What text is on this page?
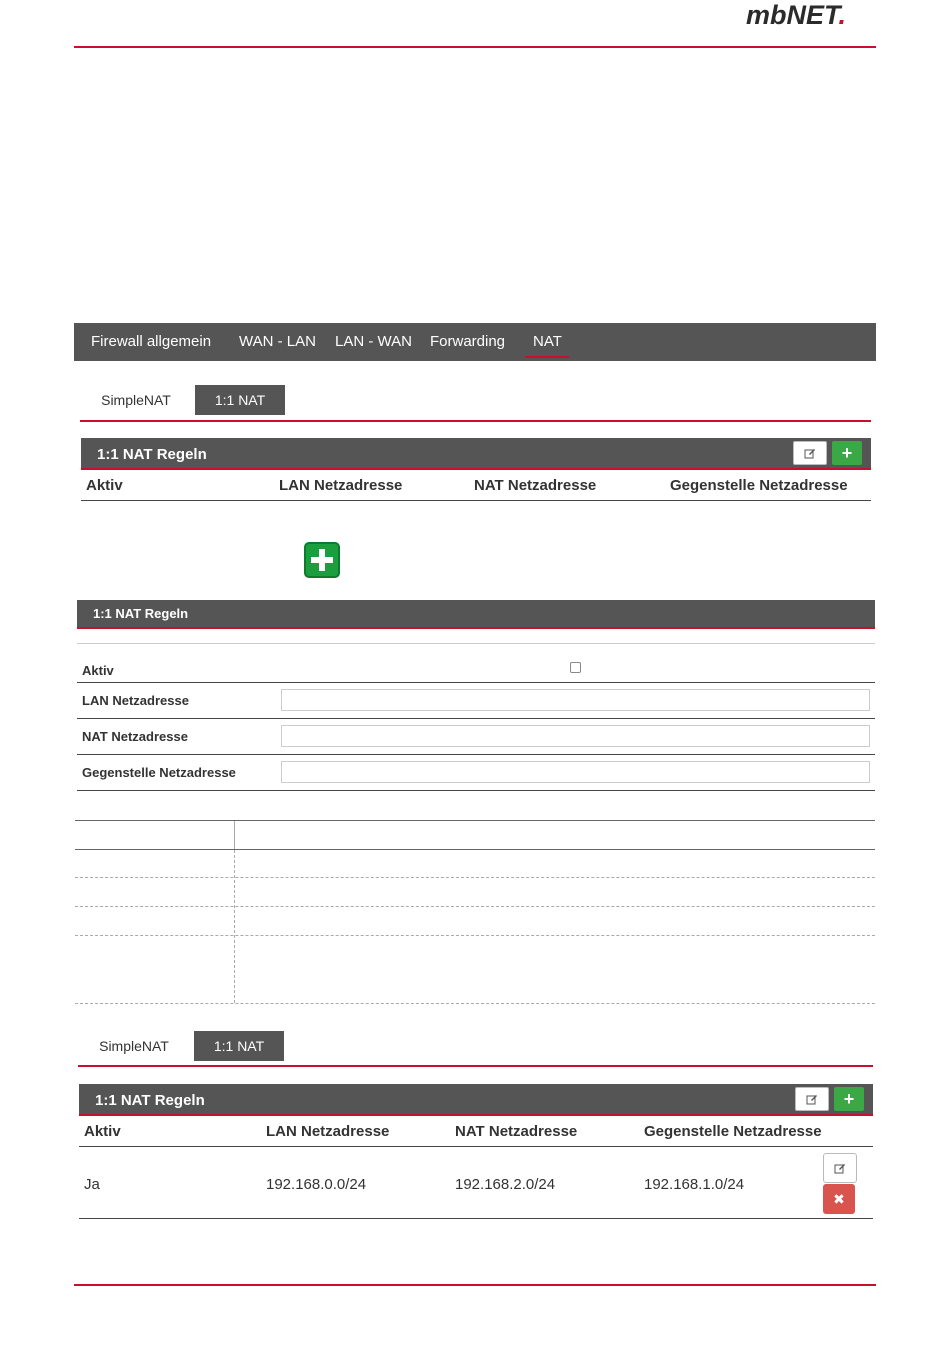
mbNET.
Firewall allgemein WAN - LAN LAN - WAN Forwarding NAT
SimpleNAT	1:1 NAT
1:1 NAT Regeln	+
Aktiv	LAN Netzadresse	NAT Netzadresse	Gegenstelle Netzadresse
1:1 NAT Regeln
Aktiv
LAN Netzadresse
NAT Netzadresse
Gegenstelle Netzadresse
SimpleNAT	1:1 NAT
1:1 NAT Regeln	+
Aktiv	LAN Netzadresse	NAT Netzadresse	Gegenstelle Netzadresse
Ja	192.168.0.0/24	192.168.2.0/24	192.168.1.0/24
✖
